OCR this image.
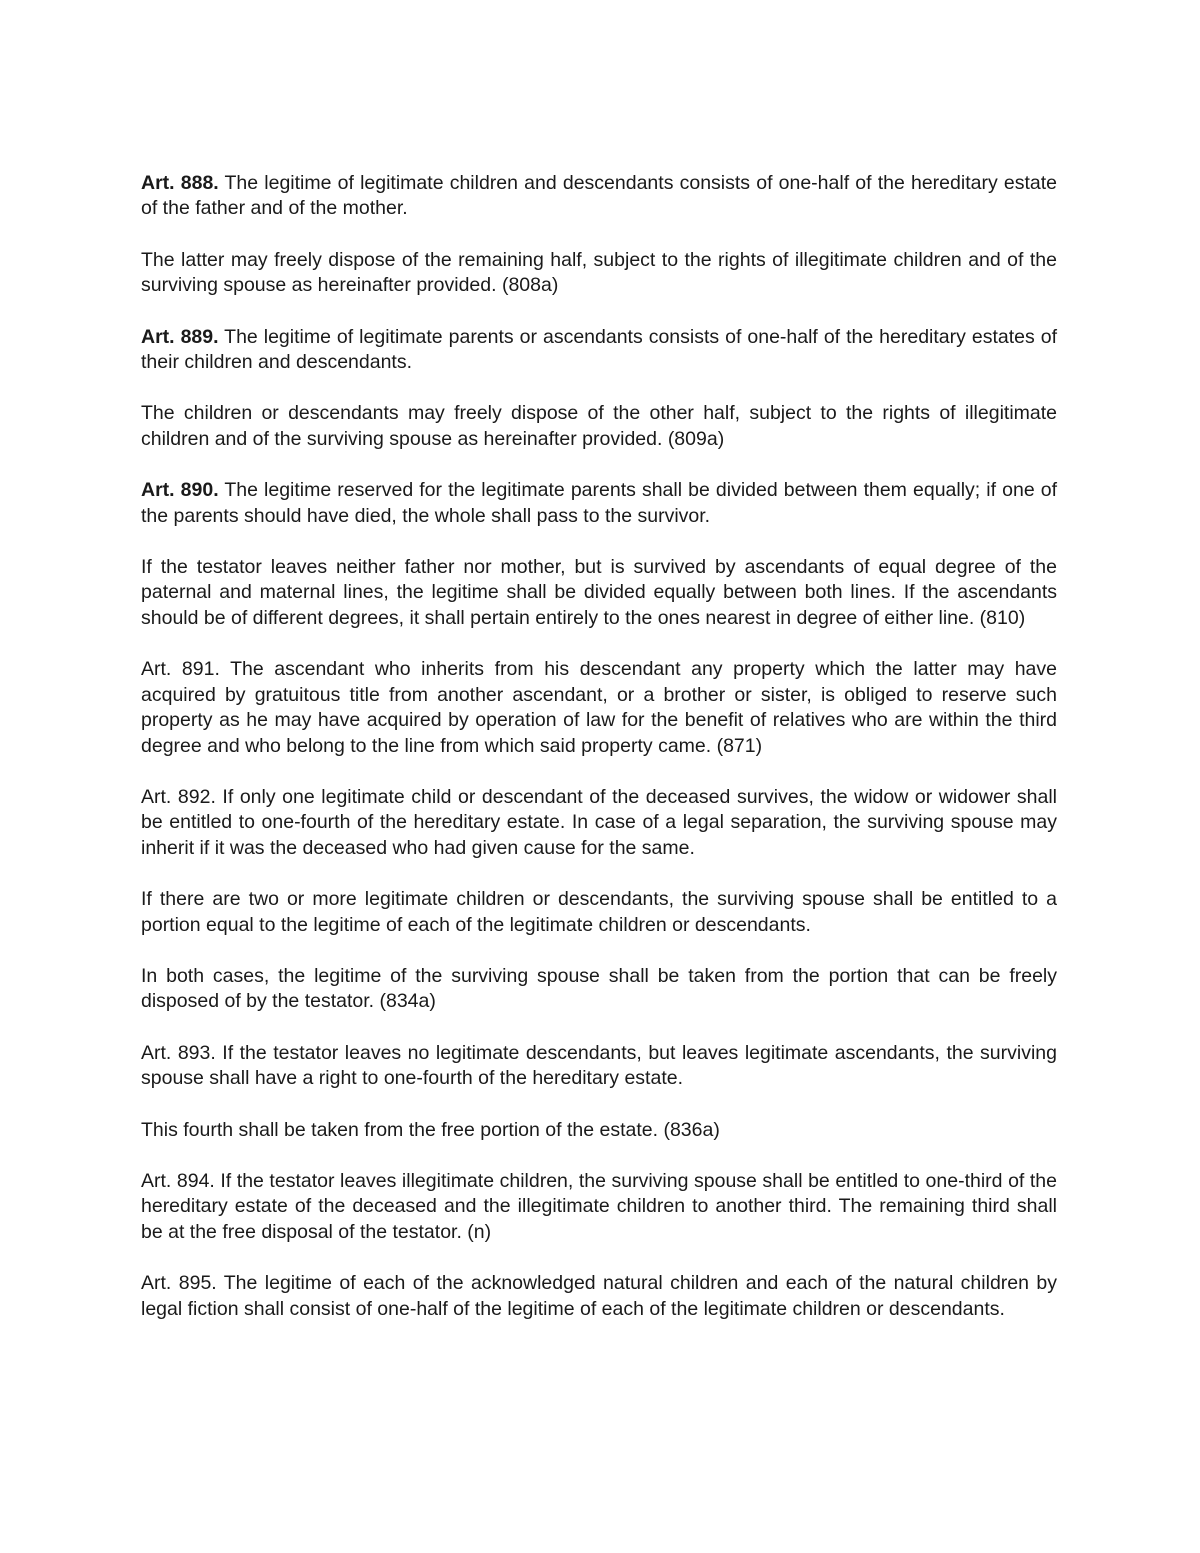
Art. 888. The legitime of legitimate children and descendants consists of one-half of the hereditary estate of the father and of the mother.

The latter may freely dispose of the remaining half, subject to the rights of illegitimate children and of the surviving spouse as hereinafter provided. (808a)

Art. 889. The legitime of legitimate parents or ascendants consists of one-half of the hereditary estates of their children and descendants.

The children or descendants may freely dispose of the other half, subject to the rights of illegitimate children and of the surviving spouse as hereinafter provided. (809a)

Art. 890. The legitime reserved for the legitimate parents shall be divided between them equally; if one of the parents should have died, the whole shall pass to the survivor.

If the testator leaves neither father nor mother, but is survived by ascendants of equal degree of the paternal and maternal lines, the legitime shall be divided equally between both lines. If the ascendants should be of different degrees, it shall pertain entirely to the ones nearest in degree of either line. (810)

Art. 891. The ascendant who inherits from his descendant any property which the latter may have acquired by gratuitous title from another ascendant, or a brother or sister, is obliged to reserve such property as he may have acquired by operation of law for the benefit of relatives who are within the third degree and who belong to the line from which said property came. (871)

Art. 892. If only one legitimate child or descendant of the deceased survives, the widow or widower shall be entitled to one-fourth of the hereditary estate. In case of a legal separation, the surviving spouse may inherit if it was the deceased who had given cause for the same.

If there are two or more legitimate children or descendants, the surviving spouse shall be entitled to a portion equal to the legitime of each of the legitimate children or descendants.

In both cases, the legitime of the surviving spouse shall be taken from the portion that can be freely disposed of by the testator. (834a)

Art. 893. If the testator leaves no legitimate descendants, but leaves legitimate ascendants, the surviving spouse shall have a right to one-fourth of the hereditary estate.

This fourth shall be taken from the free portion of the estate. (836a)

Art. 894. If the testator leaves illegitimate children, the surviving spouse shall be entitled to one-third of the hereditary estate of the deceased and the illegitimate children to another third. The remaining third shall be at the free disposal of the testator. (n)

Art. 895. The legitime of each of the acknowledged natural children and each of the natural children by legal fiction shall consist of one-half of the legitime of each of the legitimate children or descendants.
